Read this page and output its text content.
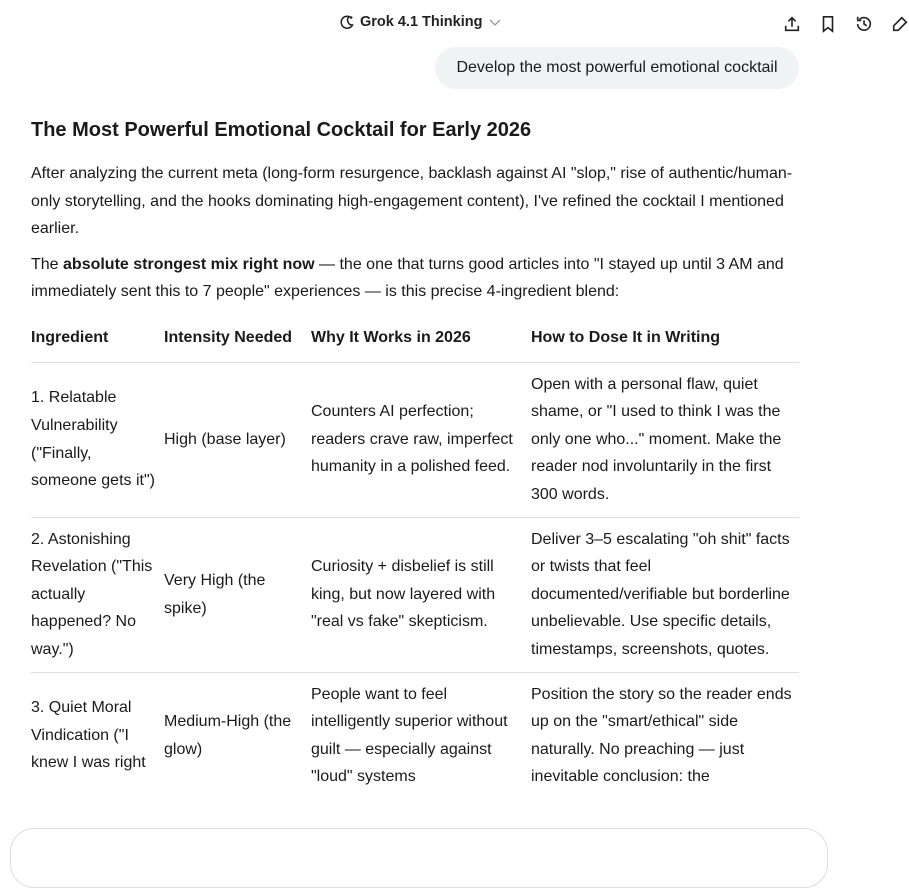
Grok 4.1 Thinking
Develop the most powerful emotional cocktail
The Most Powerful Emotional Cocktail for Early 2026

After analyzing the current meta (long-form resurgence, backlash against AI "slop," rise of authentic/human-only storytelling, and the hooks dominating high-engagement content), I've refined the cocktail I mentioned earlier.

The absolute strongest mix right now — the one that turns good articles into "I stayed up until 3 AM and immediately sent this to 7 people" experiences — is this precise 4-ingredient blend:

Ingredient	Intensity Needed	Why It Works in 2026	How to Dose It in Writing
1. Relatable Vulnerability ("Finally, someone gets it")	High (base layer)	Counters AI perfection; readers crave raw, imperfect humanity in a polished feed.	Open with a personal flaw, quiet shame, or "I used to think I was the only one who..." moment. Make the reader nod involuntarily in the first 300 words.
2. Astonishing Revelation ("This actually happened? No way.")	Very High (the spike)	Curiosity + disbelief is still king, but now layered with "real vs fake" skepticism.	Deliver 3–5 escalating "oh shit" facts or twists that feel documented/verifiable but borderline unbelievable. Use specific details, timestamps, screenshots, quotes.
3. Quiet Moral Vindication ("I knew I was right	Medium-High (the glow)	People want to feel intelligently superior without guilt — especially against "loud" systems	Position the story so the reader ends up on the "smart/ethical" side naturally. No preaching — just inevitable conclusion: the
